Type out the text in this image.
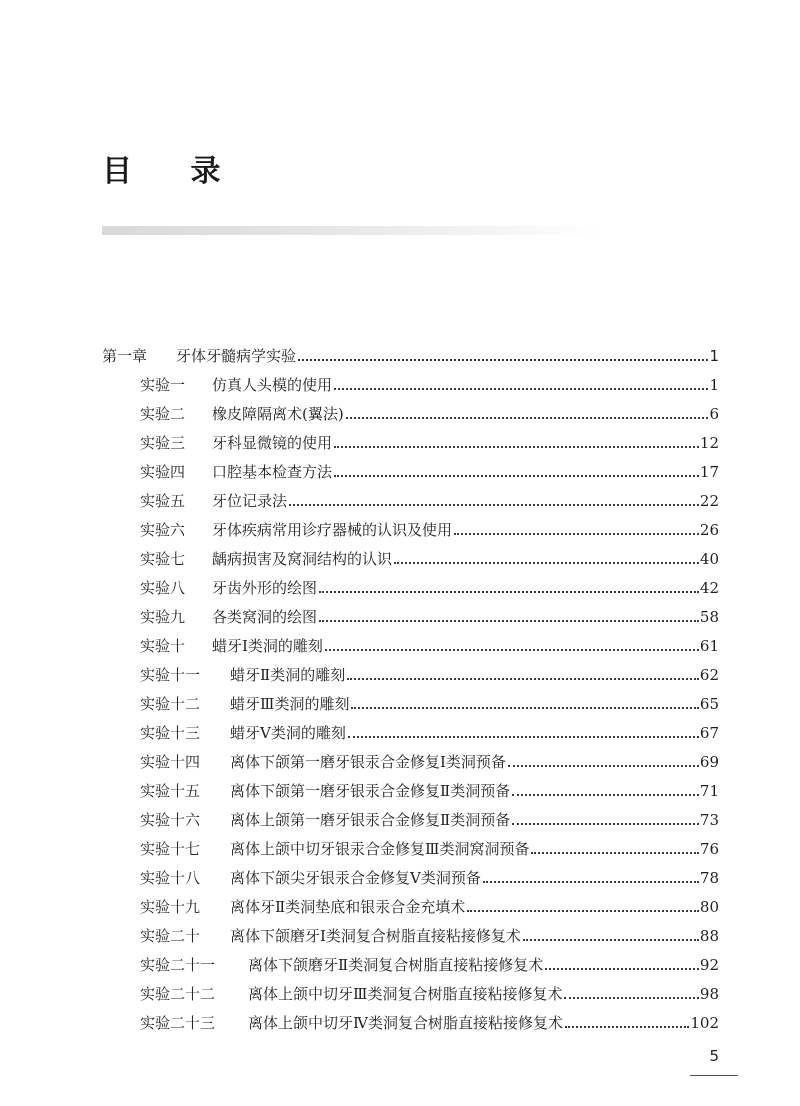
目 录
第一章 牙体牙髓病学实验	1
实验一 仿真人头模的使用	1
实验二 橡皮障隔离术(翼法)	6
实验三 牙科显微镜的使用	12
实验四 口腔基本检查方法	17
实验五 牙位记录法	22
实验六 牙体疾病常用诊疗器械的认识及使用	26
实验七 龋病损害及窝洞结构的认识	40
实验八 牙齿外形的绘图	42
实验九 各类窝洞的绘图	58
实验十 蜡牙Ⅰ类洞的雕刻	61
实验十一 蜡牙Ⅱ类洞的雕刻	62
实验十二 蜡牙Ⅲ类洞的雕刻	65
实验十三 蜡牙Ⅴ类洞的雕刻	67
实验十四 离体下颌第一磨牙银汞合金修复Ⅰ类洞预备	69
实验十五 离体下颌第一磨牙银汞合金修复Ⅱ类洞预备	71
实验十六 离体上颌第一磨牙银汞合金修复Ⅱ类洞预备	73
实验十七 离体上颌中切牙银汞合金修复Ⅲ类洞窝洞预备	76
实验十八 离体下颌尖牙银汞合金修复Ⅴ类洞预备	78
实验十九 离体牙Ⅱ类洞垫底和银汞合金充填术	80
实验二十 离体下颌磨牙Ⅰ类洞复合树脂直接粘接修复术	88
实验二十一 离体下颌磨牙Ⅱ类洞复合树脂直接粘接修复术	92
实验二十二 离体上颌中切牙Ⅲ类洞复合树脂直接粘接修复术	98
实验二十三 离体上颌中切牙Ⅳ类洞复合树脂直接粘接修复术	102
5
